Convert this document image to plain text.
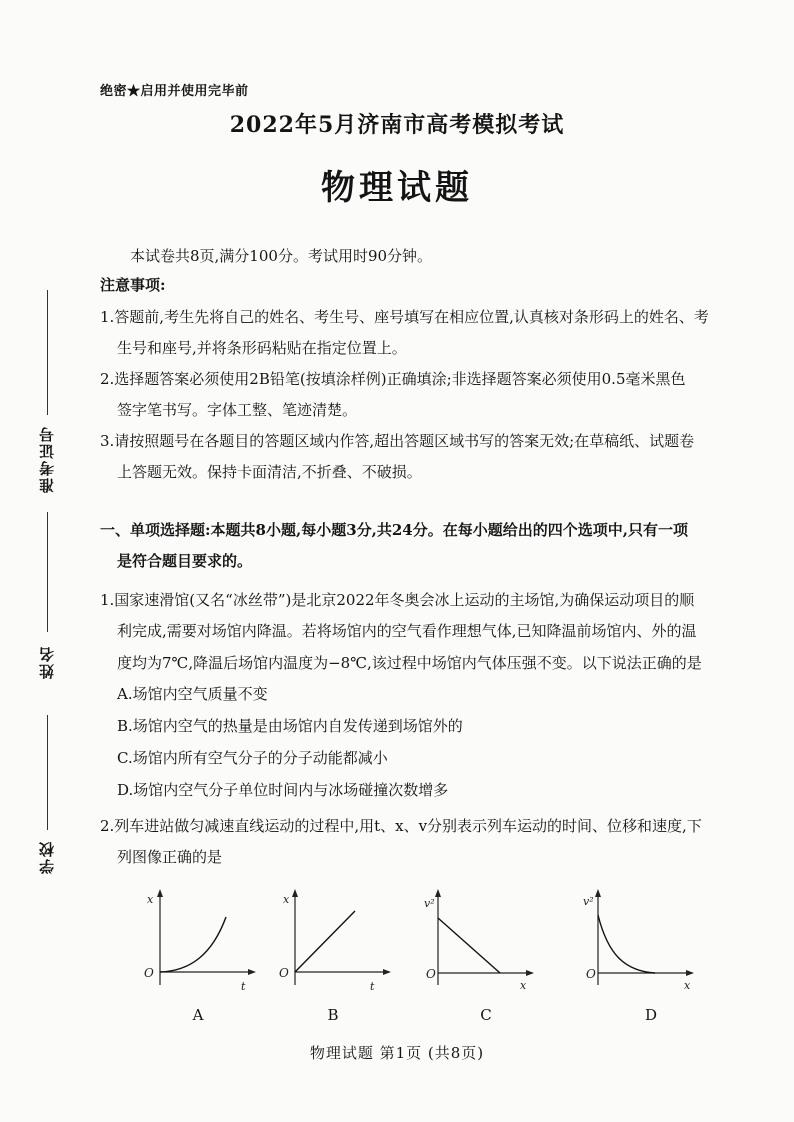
绝密★启用并使用完毕前
2022年5月济南市高考模拟考试
物理试题
准考证号
姓名
学校
本试卷共8页,满分100分。考试用时90分钟。
注意事项:
1.答题前,考生先将自己的姓名、考生号、座号填写在相应位置,认真核对条形码上的姓名、考
生号和座号,并将条形码粘贴在指定位置上。
2.选择题答案必须使用2B铅笔(按填涂样例)正确填涂;非选择题答案必须使用0.5毫米黑色
签字笔书写。字体工整、笔迹清楚。
3.请按照题号在各题目的答题区域内作答,超出答题区域书写的答案无效;在草稿纸、试题卷
上答题无效。保持卡面清洁,不折叠、不破损。
一、单项选择题:本题共8小题,每小题3分,共24分。在每小题给出的四个选项中,只有一项
是符合题目要求的。
1.国家速滑馆(又名“冰丝带”)是北京2022年冬奥会冰上运动的主场馆,为确保运动项目的顺
利完成,需要对场馆内降温。若将场馆内的空气看作理想气体,已知降温前场馆内、外的温
度均为7℃,降温后场馆内温度为−8℃,该过程中场馆内气体压强不变。以下说法正确的是
A.场馆内空气质量不变
B.场馆内空气的热量是由场馆内自发传递到场馆外的
C.场馆内所有空气分子的分子动能都减小
D.场馆内空气分子单位时间内与冰场碰撞次数增多
2.列车进站做匀减速直线运动的过程中,用t、x、v分别表示列车运动的时间、位移和速度,下
列图像正确的是
x
t
O
x
t
O
v²
x
O
v²
x
O
A	B	C	D
物理试题 第1页 (共8页)
